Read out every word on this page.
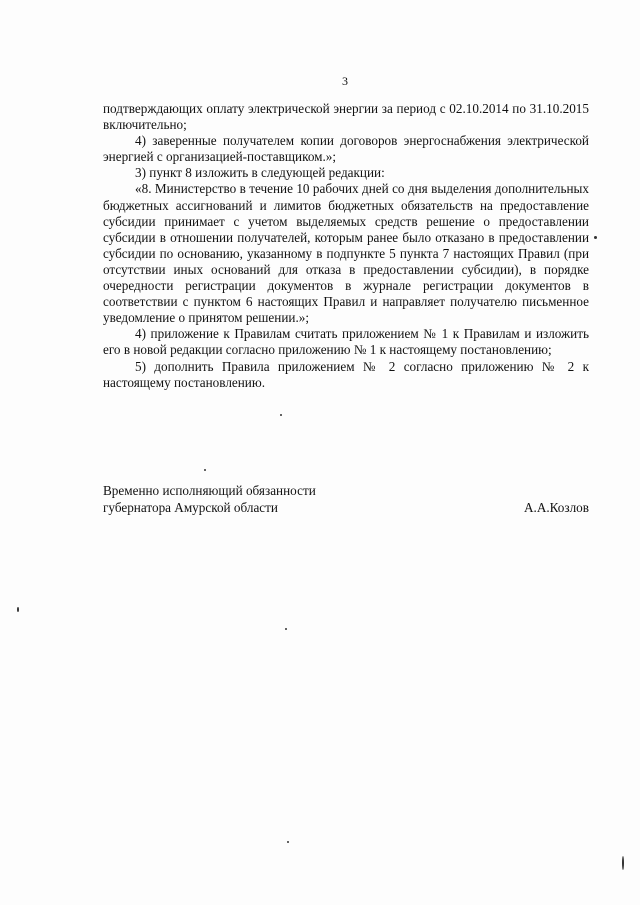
3

подтверждающих оплату электрической энергии за период с 02.10.2014 по 31.10.2015 включительно;

4) заверенные получателем копии договоров энергоснабжения электрической энергией с организацией-поставщиком.»;

3) пункт 8 изложить в следующей редакции:

«8. Министерство в течение 10 рабочих дней со дня выделения дополнительных бюджетных ассигнований и лимитов бюджетных обязательств на предоставление субсидии принимает с учетом выделяемых средств решение о предоставлении субсидии в отношении получателей, которым ранее было отказано в предоставлении субсидии по основанию, указанному в подпункте 5 пункта 7 настоящих Правил (при отсутствии иных оснований для отказа в предоставлении субсидии), в порядке очередности регистрации документов в журнале регистрации документов в соответствии с пунктом 6 настоящих Правил и направляет получателю письменное уведомление о принятом решении.»;

4) приложение к Правилам считать приложением № 1 к Правилам и изложить его в новой редакции согласно приложению № 1 к настоящему постановлению;

5) дополнить Правила приложением № 2 согласно приложению № 2 к настоящему постановлению.

Временно исполняющий обязанности
губернатора Амурской области	А.А.Козлов
